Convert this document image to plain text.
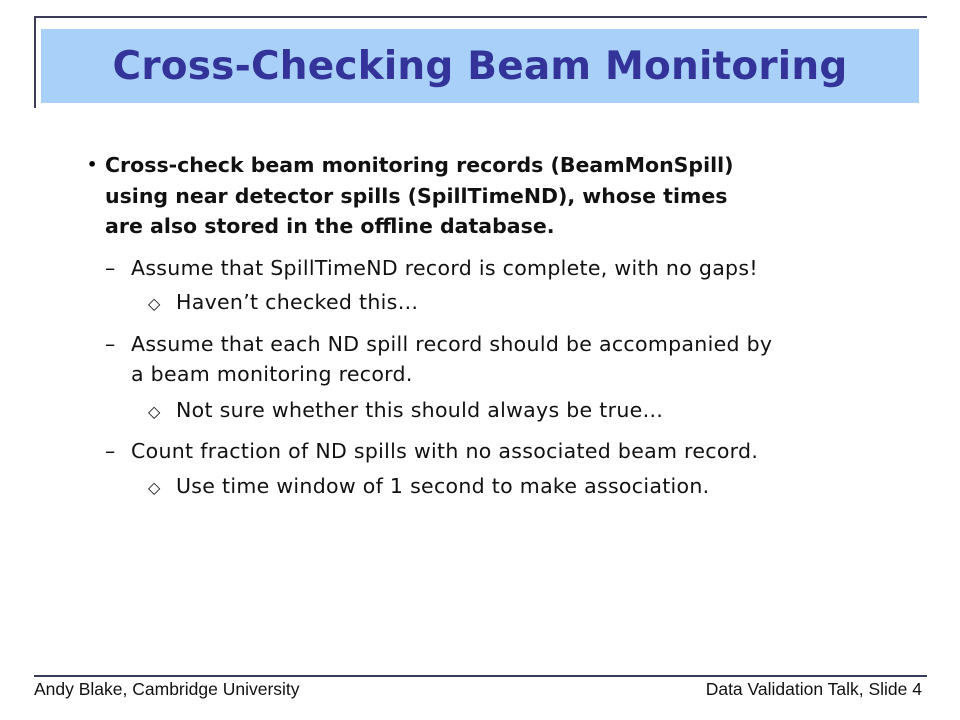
Cross-Checking Beam Monitoring
• Cross-check beam monitoring records (BeamMonSpill)
using near detector spills (SpillTimeND), whose times
are also stored in the offline database.
– Assume that SpillTimeND record is complete, with no gaps!
◇ Haven’t checked this…
– Assume that each ND spill record should be accompanied by
a beam monitoring record.
◇ Not sure whether this should always be true…
– Count fraction of ND spills with no associated beam record.
◇ Use time window of 1 second to make association.
Andy Blake, Cambridge University	Data Validation Talk, Slide 4
